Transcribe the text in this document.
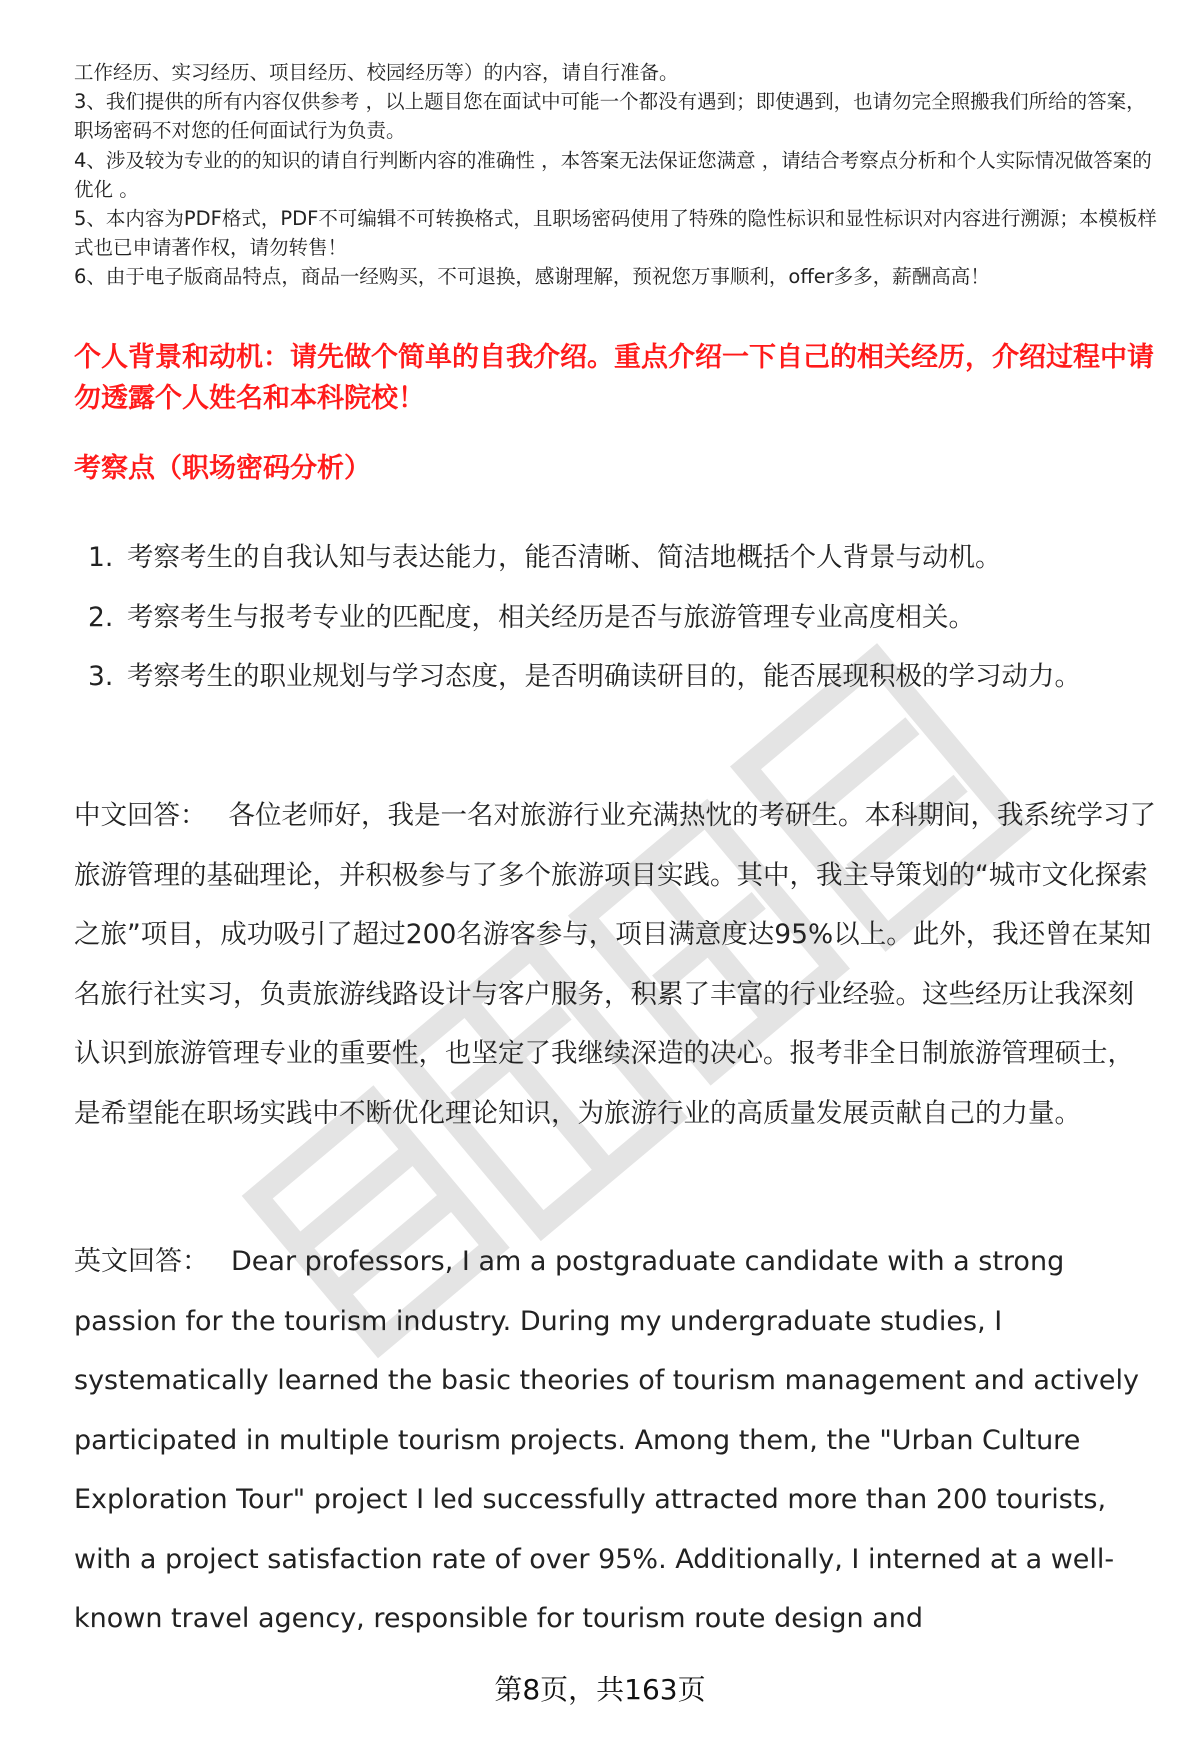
工作经历、实习经历、项目经历、校园经历等）的内容，请自行准备。

3、我们提供的所有内容仅供参考 ，以上题目您在面试中可能一个都没有遇到；即使遇到，也请勿完全照搬我们所给的答案，职场密码不对您的任何面试行为负责。

4、涉及较为专业的的知识的请自行判断内容的准确性 ，本答案无法保证您满意 ，请结合考察点分析和个人实际情况做答案的优化 。

5、本内容为PDF格式，PDF不可编辑不可转换格式，且职场密码使用了特殊的隐性标识和显性标识对内容进行溯源；本模板样式也已申请著作权，请勿转售！

6、由于电子版商品特点，商品一经购买，不可退换，感谢理解，预祝您万事顺利，offer多多，薪酬高高！

个人背景和动机：请先做个简单的自我介绍。重点介绍一下自己的相关经历，介绍过程中请勿透露个人姓名和本科院校！

考察点（职场密码分析）

1. 考察考生的自我认知与表达能力，能否清晰、简洁地概括个人背景与动机。
2. 考察考生与报考专业的匹配度，相关经历是否与旅游管理专业高度相关。
3. 考察考生的职业规划与学习态度，是否明确读研目的，能否展现积极的学习动力。

中文回答： 各位老师好，我是一名对旅游行业充满热忱的考研生。本科期间，我系统学习了旅游管理的基础理论，并积极参与了多个旅游项目实践。其中，我主导策划的“城市文化探索之旅”项目，成功吸引了超过200名游客参与，项目满意度达95%以上。此外，我还曾在某知名旅行社实习，负责旅游线路设计与客户服务，积累了丰富的行业经验。这些经历让我深刻认识到旅游管理专业的重要性，也坚定了我继续深造的决心。报考非全日制旅游管理硕士，是希望能在职场实践中不断优化理论知识，为旅游行业的高质量发展贡献自己的力量。

英文回答： Dear professors, I am a postgraduate candidate with a strong passion for the tourism industry. During my undergraduate studies, I systematically learned the basic theories of tourism management and actively participated in multiple tourism projects. Among them, the "Urban Culture Exploration Tour" project I led successfully attracted more than 200 tourists, with a project satisfaction rate of over 95%. Additionally, I interned at a well-known travel agency, responsible for tourism route design and

第8页，共163页
